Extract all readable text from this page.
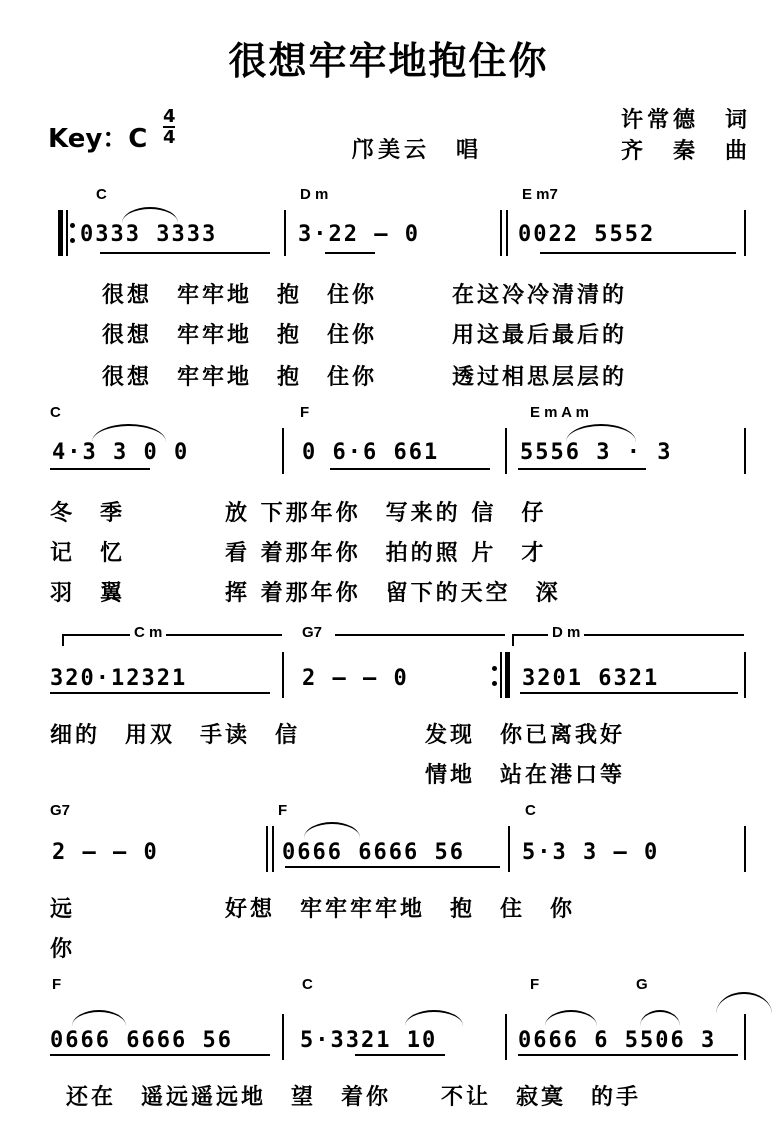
很想牢牢地抱住你
Key：C
4
4
邝美云　唱
许常德　词
齐　秦　曲
C	D m	E m7
0333 3333	3·22 — 0	0022 5552
很想　牢牢地　抱　住你　　　在这冷冷清清的
很想　牢牢地　抱　住你　　　用这最后最后的
很想　牢牢地　抱　住你　　　透过相思层层的
C	F	E m A m
4·3 3 0 0	0 6·6 661	5556 3 · 3
冬　季　　　　放 下那年你　写来的 信　仔
记　忆　　　　看 着那年你　拍的照 片　才
羽　翼　　　　挥 着那年你　留下的天空　深
C m	G7	D m
320·12321	2 — — 0	3201 6321
细的　用双　手读　信　　　　　发现　你已离我好
　　　　　　　　　　　　　　　情地　站在港口等
G7	F	C
2 — — 0	0666 6666 56	5·3 3 — 0
远　　　　　　好想　牢牢牢牢地　抱　住　你
你
F	C	F	G
0666 6666 56	5·3321 10	0666 6 5506 3
还在　遥远遥远地　望　着你　　不让　寂寞　的手
